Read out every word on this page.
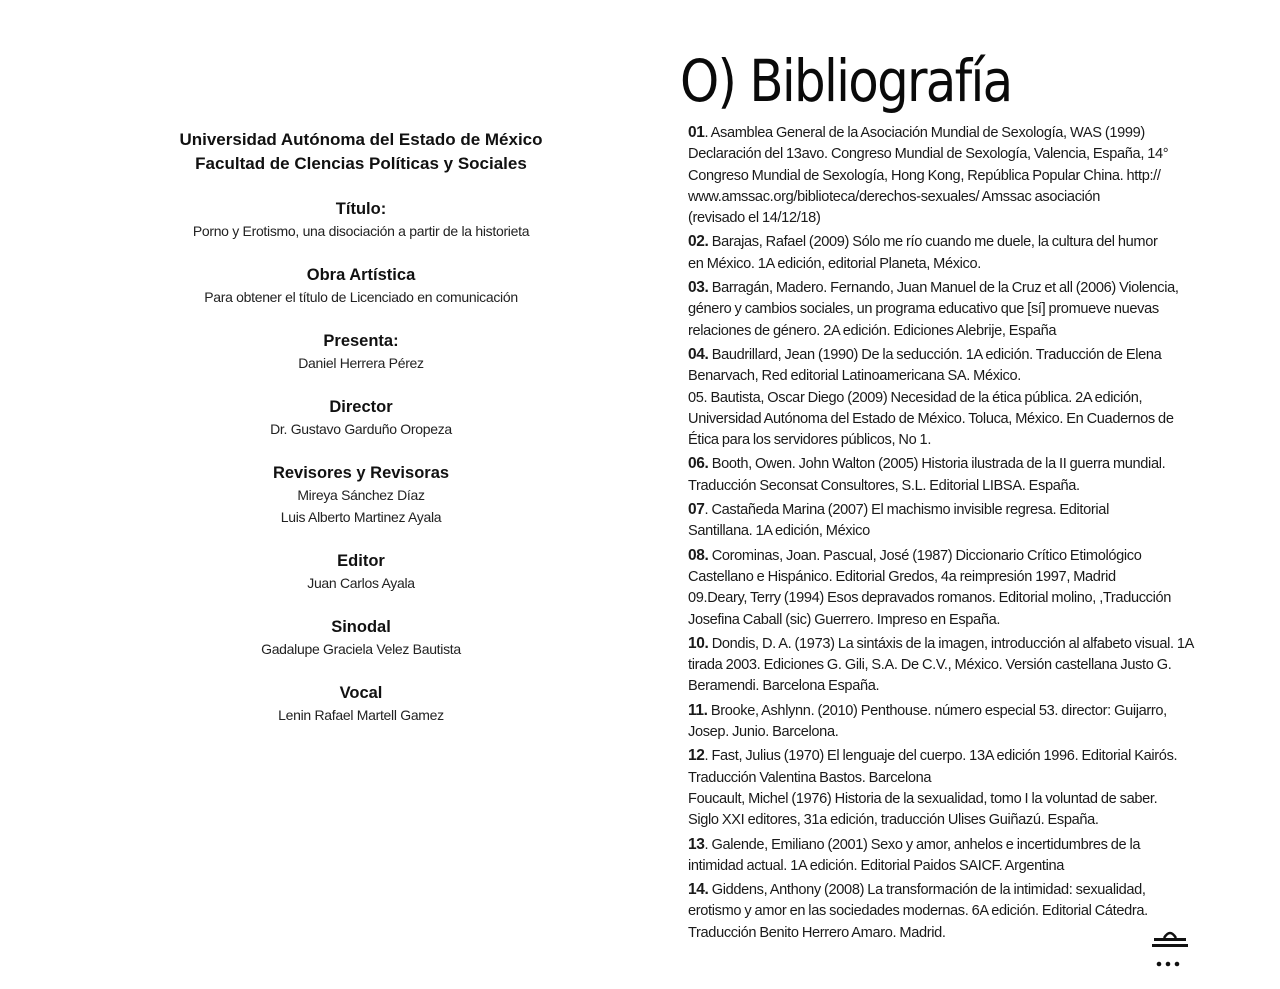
Universidad Autónoma del Estado de México
Facultad de Clencias Políticas y Sociales
Título:
Porno y Erotismo, una disociación a partir de la historieta
Obra Artística
Para obtener el título de Licenciado en comunicación
Presenta:
Daniel Herrera Pérez
Director
Dr. Gustavo Garduño Oropeza
Revisores y Revisoras
Mireya Sánchez Díaz
Luis Alberto Martinez Ayala
Editor
Juan Carlos Ayala
Sinodal
Gadalupe Graciela Velez Bautista
Vocal
Lenin Rafael Martell Gamez
O) Bibliografía
01. Asamblea General de la Asociación Mundial de Sexología, WAS (1999)
Declaración del 13avo. Congreso Mundial de Sexología, Valencia, España, 14°
Congreso Mundial de Sexología, Hong Kong, República Popular China. http://
www.amssac.org/biblioteca/derechos-sexuales/ Amssac asociación
(revisado el 14/12/18)
02. Barajas, Rafael (2009) Sólo me río cuando me duele, la cultura del humor
en México. 1A edición, editorial Planeta, México.
03. Barragán, Madero. Fernando, Juan Manuel de la Cruz et all (2006) Violencia,
género y cambios sociales, un programa educativo que [sí] promueve nuevas
relaciones de género. 2A edición. Ediciones Alebrije, España
04. Baudrillard, Jean (1990) De la seducción. 1A edición. Traducción de Elena
Benarvach, Red editorial Latinoamericana SA. México.
05. Bautista, Oscar Diego (2009) Necesidad de la ética pública. 2A edición,
Universidad Autónoma del Estado de México. Toluca, México. En Cuadernos de
Ética para los servidores públicos, No 1.
06. Booth, Owen. John Walton (2005) Historia ilustrada de la II guerra mundial.
Traducción Seconsat Consultores, S.L. Editorial LIBSA. España.
07. Castañeda Marina (2007) El machismo invisible regresa. Editorial
Santillana. 1A edición, México
08. Corominas, Joan. Pascual, José (1987) Diccionario Crítico Etimológico
Castellano e Hispánico. Editorial Gredos, 4a reimpresión 1997, Madrid
09.Deary, Terry (1994) Esos depravados romanos. Editorial molino, ,Traducción
Josefina Caball (sic) Guerrero. Impreso en España.
10. Dondis, D. A. (1973) La sintáxis de la imagen, introducción al alfabeto visual. 1A
tirada 2003. Ediciones G. Gili, S.A. De C.V., México. Versión castellana Justo G.
Beramendi. Barcelona España.
11. Brooke, Ashlynn. (2010) Penthouse. número especial 53. director: Guijarro,
Josep. Junio. Barcelona.
12. Fast, Julius (1970) El lenguaje del cuerpo. 13A edición 1996. Editorial Kairós.
Traducción Valentina Bastos. Barcelona
Foucault, Michel (1976) Historia de la sexualidad, tomo I la voluntad de saber.
Siglo XXI editores, 31a edición, traducción Ulises Guiñazú. España.
13. Galende, Emiliano (2001) Sexo y amor, anhelos e incertidumbres de la
intimidad actual. 1A edición. Editorial Paidos SAICF. Argentina
14. Giddens, Anthony (2008) La transformación de la intimidad: sexualidad,
erotismo y amor en las sociedades modernas. 6A edición. Editorial Cátedra.
Traducción Benito Herrero Amaro. Madrid.
